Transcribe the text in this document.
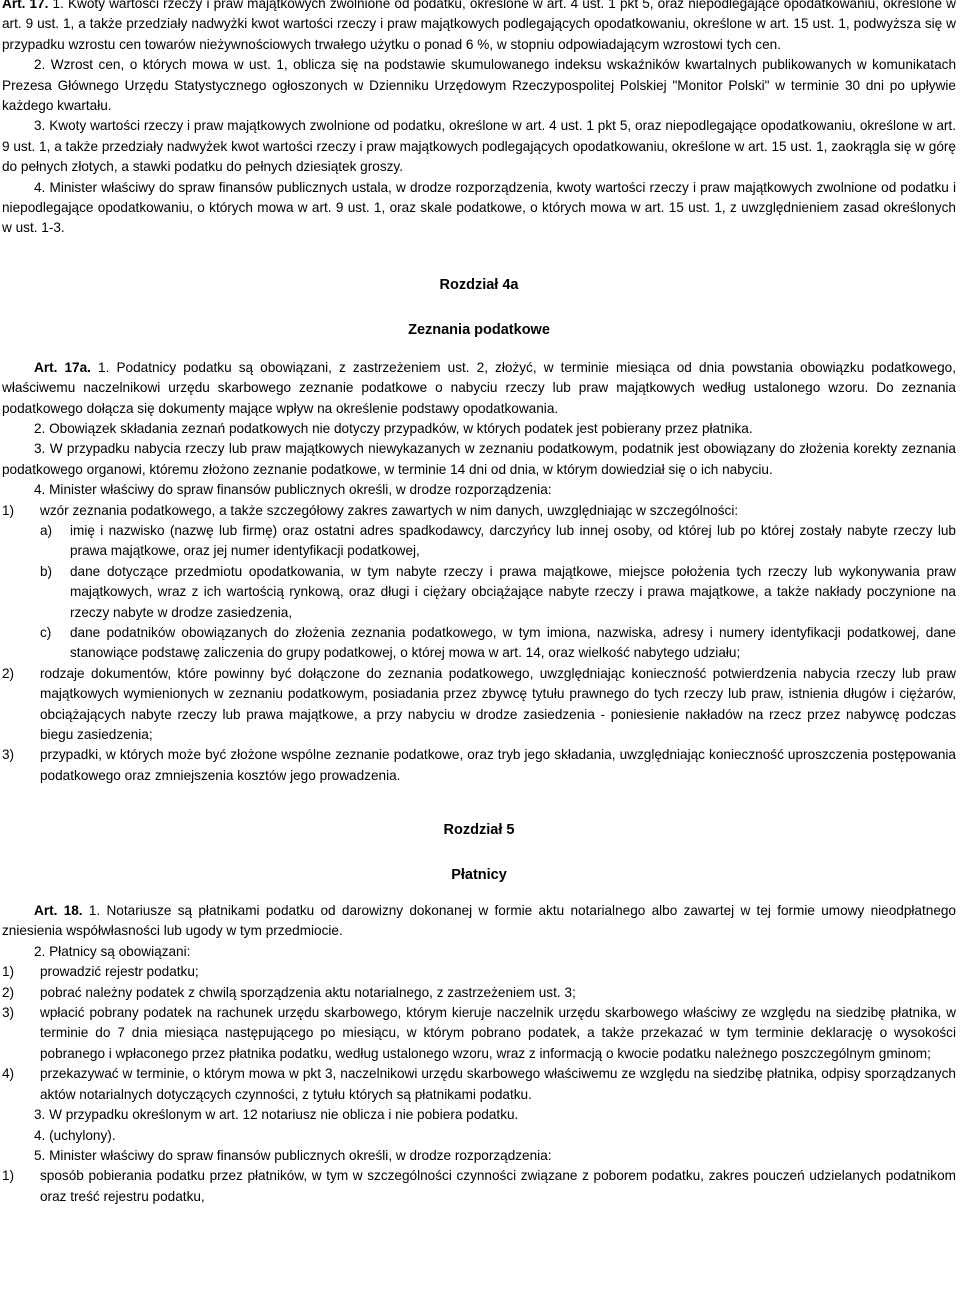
Art. 17. 1. Kwoty wartości rzeczy i praw majątkowych zwolnione od podatku, określone w art. 4 ust. 1 pkt 5, oraz niepodlegające opodatkowaniu, określone w art. 9 ust. 1, a także przedziały nadwyżki kwot wartości rzeczy i praw majątkowych podlegających opodatkowaniu, określone w art. 15 ust. 1, podwyższa się w przypadku wzrostu cen towarów nieżywnościowych trwałego użytku o ponad 6 %, w stopniu odpowiadającym wzrostowi tych cen.

2. Wzrost cen, o których mowa w ust. 1, oblicza się na podstawie skumulowanego indeksu wskaźników kwartalnych publikowanych w komunikatach Prezesa Głównego Urzędu Statystycznego ogłoszonych w Dzienniku Urzędowym Rzeczypospolitej Polskiej "Monitor Polski" w terminie 30 dni po upływie każdego kwartału.

3. Kwoty wartości rzeczy i praw majątkowych zwolnione od podatku, określone w art. 4 ust. 1 pkt 5, oraz niepodlegające opodatkowaniu, określone w art. 9 ust. 1, a także przedziały nadwyżek kwot wartości rzeczy i praw majątkowych podlegających opodatkowaniu, określone w art. 15 ust. 1, zaokrągla się w górę do pełnych złotych, a stawki podatku do pełnych dziesiątek groszy.

4. Minister właściwy do spraw finansów publicznych ustala, w drodze rozporządzenia, kwoty wartości rzeczy i praw majątkowych zwolnione od podatku i niepodlegające opodatkowaniu, o których mowa w art. 9 ust. 1, oraz skale podatkowe, o których mowa w art. 15 ust. 1, z uwzględnieniem zasad określonych w ust. 1-3.

Rozdział 4a

Zeznania podatkowe

Art. 17a. 1. Podatnicy podatku są obowiązani, z zastrzeżeniem ust. 2, złożyć, w terminie miesiąca od dnia powstania obowiązku podatkowego, właściwemu naczelnikowi urzędu skarbowego zeznanie podatkowe o nabyciu rzeczy lub praw majątkowych według ustalonego wzoru. Do zeznania podatkowego dołącza się dokumenty mające wpływ na określenie podstawy opodatkowania.

2. Obowiązek składania zeznań podatkowych nie dotyczy przypadków, w których podatek jest pobierany przez płatnika.

3. W przypadku nabycia rzeczy lub praw majątkowych niewykazanych w zeznaniu podatkowym, podatnik jest obowiązany do złożenia korekty zeznania podatkowego organowi, któremu złożono zeznanie podatkowe, w terminie 14 dni od dnia, w którym dowiedział się o ich nabyciu.

4. Minister właściwy do spraw finansów publicznych określi, w drodze rozporządzenia:

1)	wzór zeznania podatkowego, a także szczegółowy zakres zawartych w nim danych, uwzględniając w szczególności:
a)	imię i nazwisko (nazwę lub firmę) oraz ostatni adres spadkodawcy, darczyńcy lub innej osoby, od której lub po której zostały nabyte rzeczy lub prawa majątkowe, oraz jej numer identyfikacji podatkowej,
b)	dane dotyczące przedmiotu opodatkowania, w tym nabyte rzeczy i prawa majątkowe, miejsce położenia tych rzeczy lub wykonywania praw majątkowych, wraz z ich wartością rynkową, oraz długi i ciężary obciążające nabyte rzeczy i prawa majątkowe, a także nakłady poczynione na rzeczy nabyte w drodze zasiedzenia,
c)	dane podatników obowiązanych do złożenia zeznania podatkowego, w tym imiona, nazwiska, adresy i numery identyfikacji podatkowej, dane stanowiące podstawę zaliczenia do grupy podatkowej, o której mowa w art. 14, oraz wielkość nabytego udziału;
2)	rodzaje dokumentów, które powinny być dołączone do zeznania podatkowego, uwzględniając konieczność potwierdzenia nabycia rzeczy lub praw majątkowych wymienionych w zeznaniu podatkowym, posiadania przez zbywcę tytułu prawnego do tych rzeczy lub praw, istnienia długów i ciężarów, obciążających nabyte rzeczy lub prawa majątkowe, a przy nabyciu w drodze zasiedzenia - poniesienie nakładów na rzecz przez nabywcę podczas biegu zasiedzenia;
3)	przypadki, w których może być złożone wspólne zeznanie podatkowe, oraz tryb jego składania, uwzględniając konieczność uproszczenia postępowania podatkowego oraz zmniejszenia kosztów jego prowadzenia.

Rozdział 5

Płatnicy

Art. 18. 1. Notariusze są płatnikami podatku od darowizny dokonanej w formie aktu notarialnego albo zawartej w tej formie umowy nieodpłatnego zniesienia współwłasności lub ugody w tym przedmiocie.

2. Płatnicy są obowiązani:

1)	prowadzić rejestr podatku;
2)	pobrać należny podatek z chwilą sporządzenia aktu notarialnego, z zastrzeżeniem ust. 3;
3)	wpłacić pobrany podatek na rachunek urzędu skarbowego, którym kieruje naczelnik urzędu skarbowego właściwy ze względu na siedzibę płatnika, w terminie do 7 dnia miesiąca następującego po miesiącu, w którym pobrano podatek, a także przekazać w tym terminie deklarację o wysokości pobranego i wpłaconego przez płatnika podatku, według ustalonego wzoru, wraz z informacją o kwocie podatku należnego poszczególnym gminom;
4)	przekazywać w terminie, o którym mowa w pkt 3, naczelnikowi urzędu skarbowego właściwemu ze względu na siedzibę płatnika, odpisy sporządzanych aktów notarialnych dotyczących czynności, z tytułu których są płatnikami podatku.

3. W przypadku określonym w art. 12 notariusz nie oblicza i nie pobiera podatku.

4. (uchylony).

5. Minister właściwy do spraw finansów publicznych określi, w drodze rozporządzenia:

1)	sposób pobierania podatku przez płatników, w tym w szczególności czynności związane z poborem podatku, zakres pouczeń udzielanych podatnikom oraz treść rejestru podatku,
